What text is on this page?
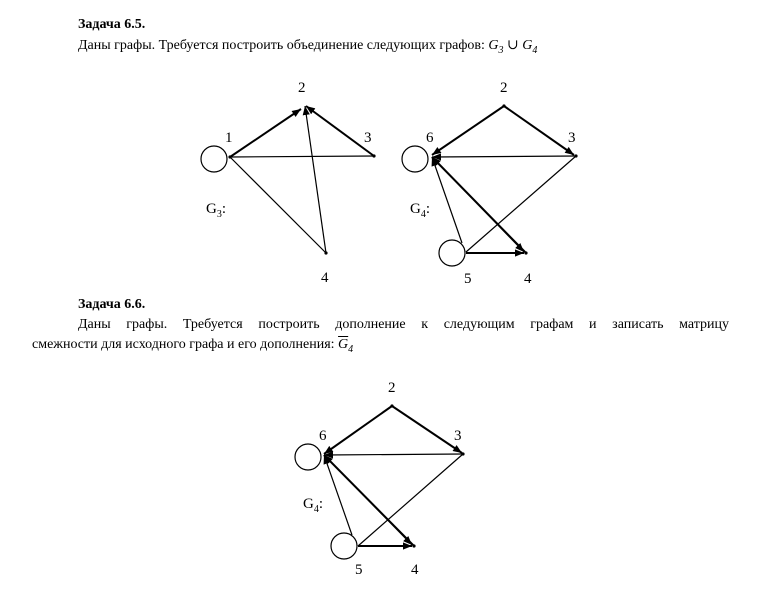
Задача 6.5.
Даны графы. Требуется построить объединение следующих графов: $G_3$ ∪ $G_4$
Задача 6.6.
Даны графы. Требуется построить дополнение к следующим графам и записать матрицу
смежности для исходного графа и его дополнения: $\overline{G}_4$
1
2
3
4
$G_3$:
2
3
6
5	4
$G_4$:
2
3
6
5	4
$G_4$:
